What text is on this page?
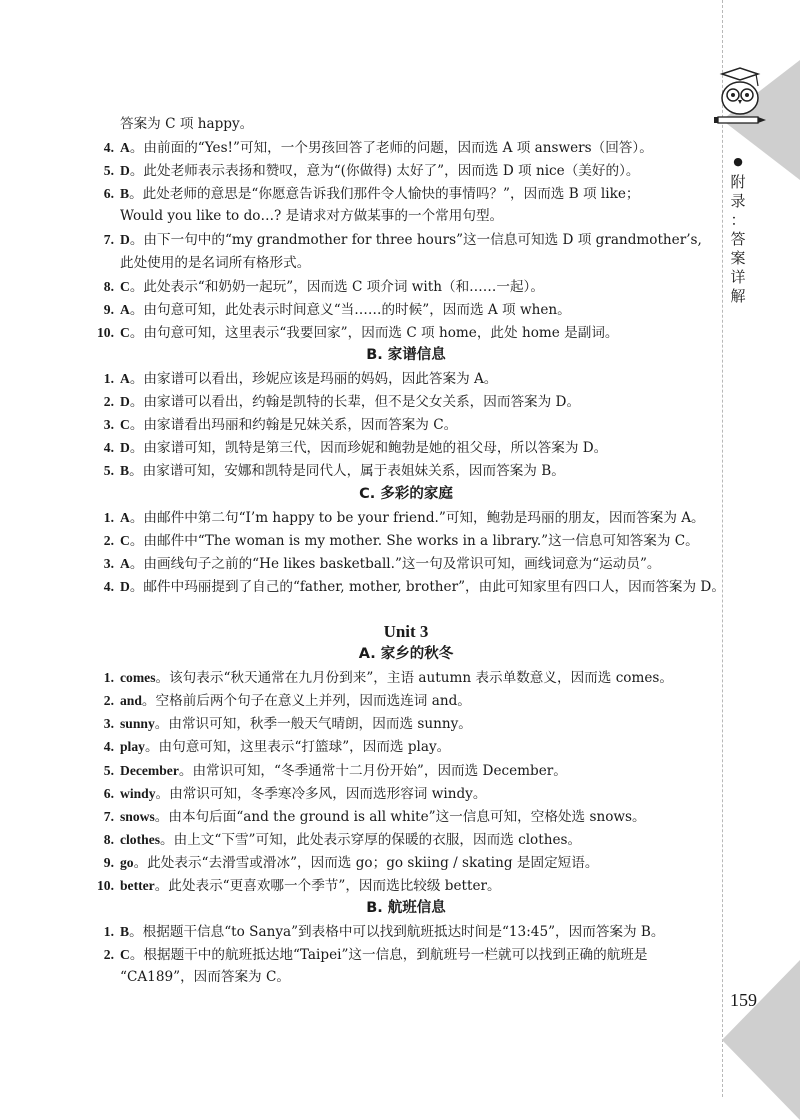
●
附
录
：
答
案
详
解
159
答案为 C 项 happy。
4. A。由前面的“Yes!”可知，一个男孩回答了老师的问题，因而选 A 项 answers（回答）。
5. D。此处老师表示表扬和赞叹，意为“(你做得) 太好了”，因而选 D 项 nice（美好的）。
6. B。此处老师的意思是“你愿意告诉我们那件令人愉快的事情吗？”，因而选 B 项 like；
Would you like to do…? 是请求对方做某事的一个常用句型。
7. D。由下一句中的“my grandmother for three hours”这一信息可知选 D 项 grandmother’s,
此处使用的是名词所有格形式。
8. C。此处表示“和奶奶一起玩”，因而选 C 项介词 with（和……一起）。
9. A。由句意可知，此处表示时间意义“当……的时候”，因而选 A 项 when。
10. C。由句意可知，这里表示“我要回家”，因而选 C 项 home，此处 home 是副词。
B. 家谱信息
1. A。由家谱可以看出，珍妮应该是玛丽的妈妈，因此答案为 A。
2. D。由家谱可以看出，约翰是凯特的长辈，但不是父女关系，因而答案为 D。
3. C。由家谱看出玛丽和约翰是兄妹关系，因而答案为 C。
4. D。由家谱可知，凯特是第三代，因而珍妮和鲍勃是她的祖父母，所以答案为 D。
5. B。由家谱可知，安娜和凯特是同代人，属于表姐妹关系，因而答案为 B。
C. 多彩的家庭
1. A。由邮件中第二句“I’m happy to be your friend.”可知，鲍勃是玛丽的朋友，因而答案为 A。
2. C。由邮件中“The woman is my mother. She works in a library.”这一信息可知答案为 C。
3. A。由画线句子之前的“He likes basketball.”这一句及常识可知，画线词意为“运动员”。
4. D。邮件中玛丽提到了自己的“father, mother, brother”，由此可知家里有四口人，因而答案为 D。
Unit 3
A. 家乡的秋冬
1. comes。该句表示“秋天通常在九月份到来”，主语 autumn 表示单数意义，因而选 comes。
2. and。空格前后两个句子在意义上并列，因而选连词 and。
3. sunny。由常识可知，秋季一般天气晴朗，因而选 sunny。
4. play。由句意可知，这里表示“打篮球”，因而选 play。
5. December。由常识可知，“冬季通常十二月份开始”，因而选 December。
6. windy。由常识可知，冬季寒冷多风，因而选形容词 windy。
7. snows。由本句后面“and the ground is all white”这一信息可知，空格处选 snows。
8. clothes。由上文“下雪”可知，此处表示穿厚的保暖的衣服，因而选 clothes。
9. go。此处表示“去滑雪或滑冰”，因而选 go；go skiing / skating 是固定短语。
10. better。此处表示“更喜欢哪一个季节”，因而选比较级 better。
B. 航班信息
1. B。根据题干信息“to Sanya”到表格中可以找到航班抵达时间是“13:45”，因而答案为 B。
2. C。根据题干中的航班抵达地“Taipei”这一信息，到航班号一栏就可以找到正确的航班是
“CA189”，因而答案为 C。
